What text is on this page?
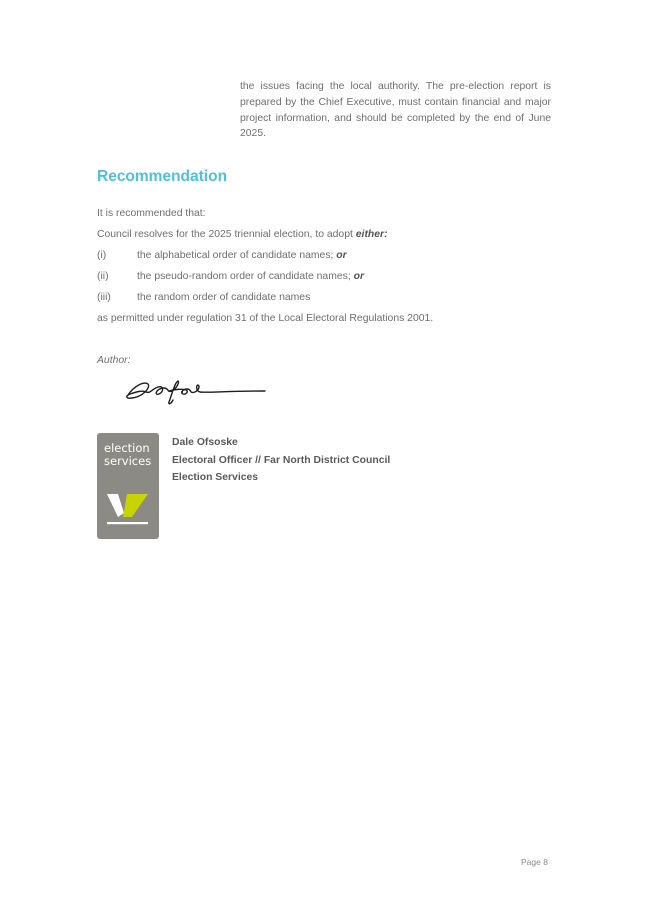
the issues facing the local authority. The pre-election report is prepared by the Chief Executive, must contain financial and major project information, and should be completed by the end of June 2025.

Recommendation

It is recommended that:

Council resolves for the 2025 triennial election, to adopt either:

(i)	the alphabetical order of candidate names; or
(ii)	the pseudo-random order of candidate names; or
(iii)	the random order of candidate names

as permitted under regulation 31 of the Local Electoral Regulations 2001.

Author:

election
services
Dale Ofsoske
Electoral Officer // Far North District Council
Election Services
Page 8
